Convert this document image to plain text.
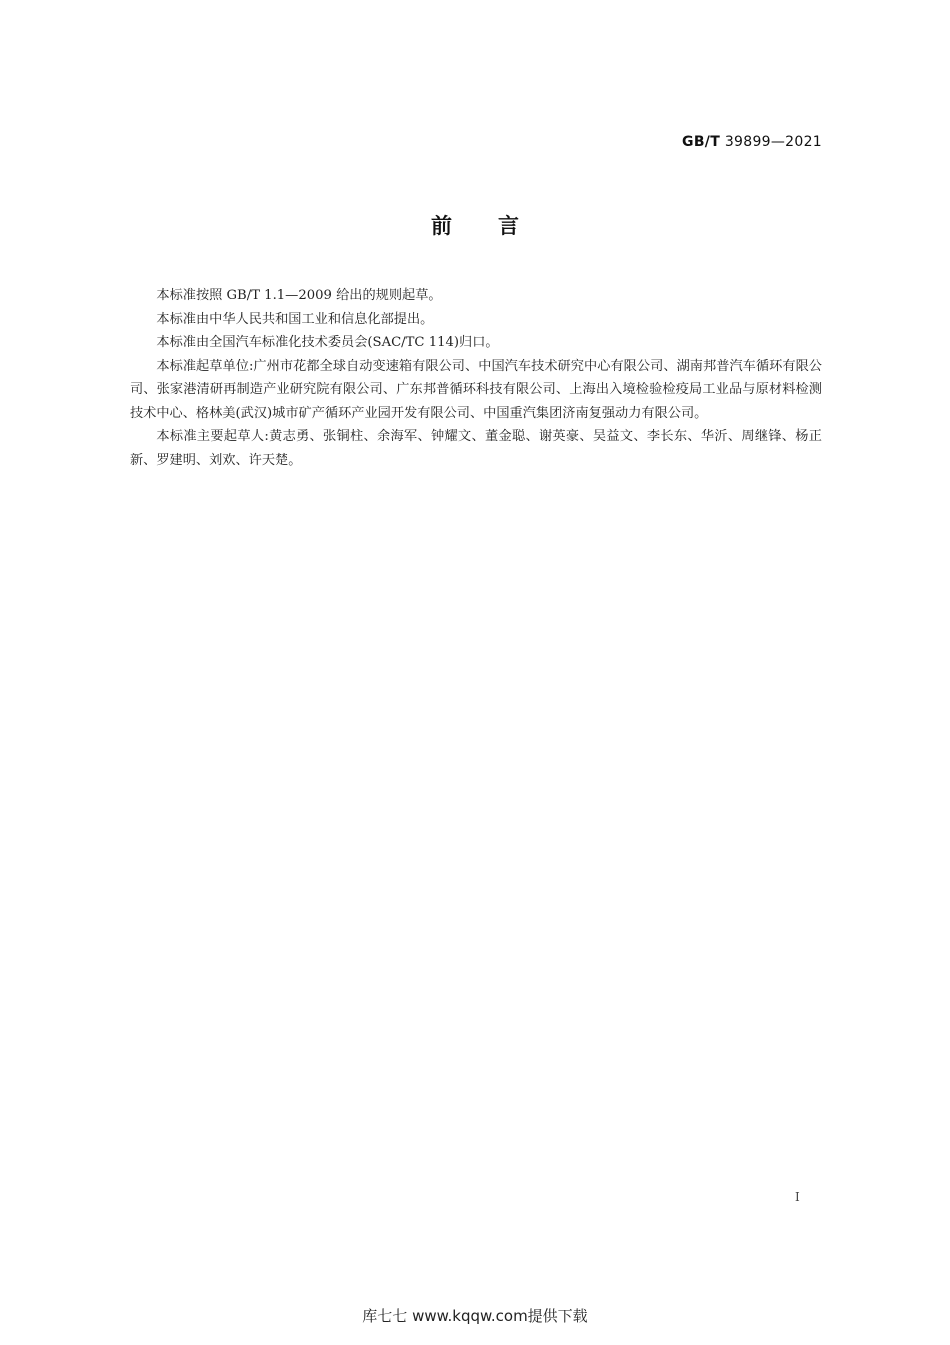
GB/T 39899—2021
前言

本标准按照 GB/T 1.1—2009 给出的规则起草。

本标准由中华人民共和国工业和信息化部提出。

本标准由全国汽车标准化技术委员会(SAC/TC 114)归口。

本标准起草单位:广州市花都全球自动变速箱有限公司、中国汽车技术研究中心有限公司、湖南邦普汽车循环有限公司、张家港清研再制造产业研究院有限公司、广东邦普循环科技有限公司、上海出入境检验检疫局工业品与原材料检测技术中心、格林美(武汉)城市矿产循环产业园开发有限公司、中国重汽集团济南复强动力有限公司。

本标准主要起草人:黄志勇、张铜柱、余海军、钟耀文、董金聪、谢英豪、吴益文、李长东、华沂、周继锋、杨正新、罗建明、刘欢、许天楚。

I
库七七 www.kqqw.com提供下载
